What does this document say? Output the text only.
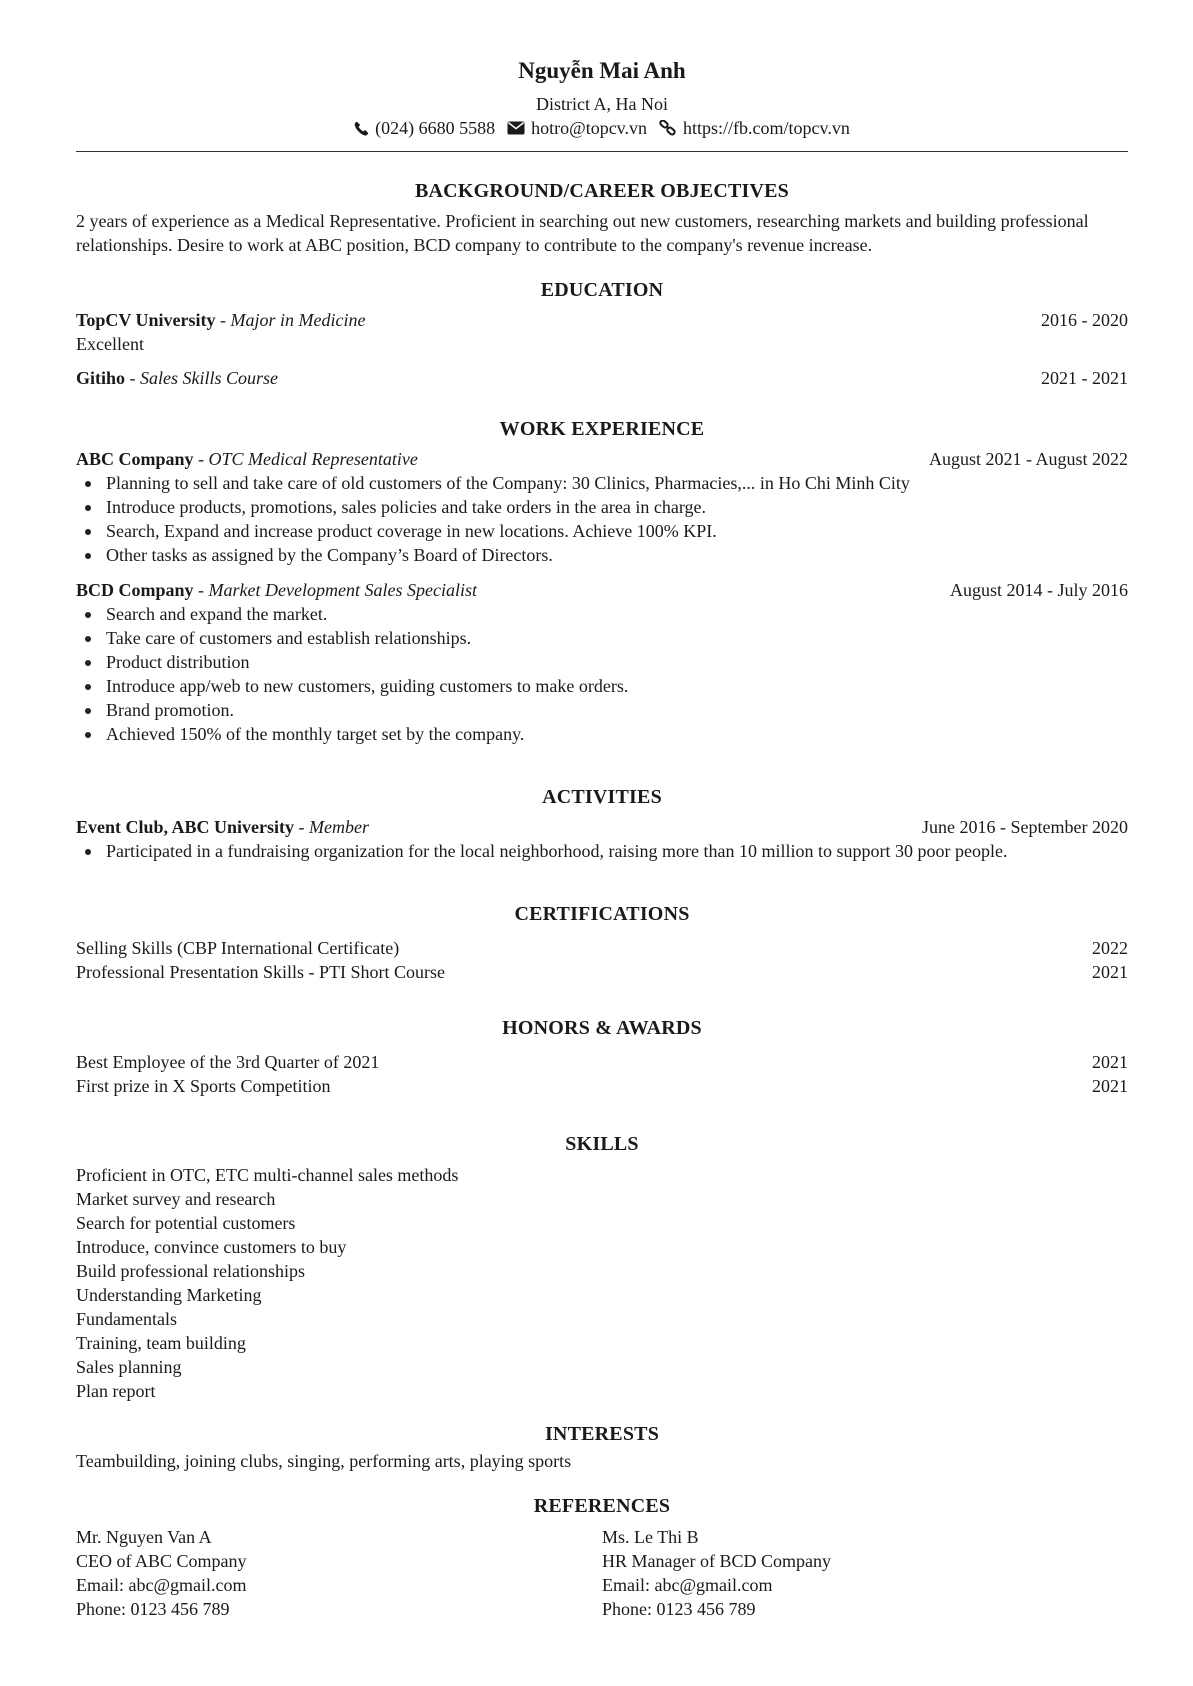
Nguyễn Mai Anh
District A, Ha Noi
(024) 6680 5588 hotro@topcv.vn https://fb.com/topcv.vn
BACKGROUND/CAREER OBJECTIVES
2 years of experience as a Medical Representative. Proficient in searching out new customers, researching markets and building professional relationships. Desire to work at ABC position, BCD company to contribute to the company's revenue increase.
EDUCATION
TopCV University - Major in Medicine	2016 - 2020
Excellent
Gitiho - Sales Skills Course	2021 - 2021
WORK EXPERIENCE
ABC Company - OTC Medical Representative	August 2021 - August 2022
Planning to sell and take care of old customers of the Company: 30 Clinics, Pharmacies,... in Ho Chi Minh City
Introduce products, promotions, sales policies and take orders in the area in charge.
Search, Expand and increase product coverage in new locations. Achieve 100% KPI.
Other tasks as assigned by the Company’s Board of Directors.
BCD Company - Market Development Sales Specialist	August 2014 - July 2016
Search and expand the market.
Take care of customers and establish relationships.
Product distribution
Introduce app/web to new customers, guiding customers to make orders.
Brand promotion.
Achieved 150% of the monthly target set by the company.
ACTIVITIES
Event Club, ABC University - Member	June 2016 - September 2020
Participated in a fundraising organization for the local neighborhood, raising more than 10 million to support 30 poor people.
CERTIFICATIONS
Selling Skills (CBP International Certificate)	2022
Professional Presentation Skills - PTI Short Course	2021
HONORS & AWARDS
Best Employee of the 3rd Quarter of 2021	2021
First prize in X Sports Competition	2021
SKILLS
Proficient in OTC, ETC multi-channel sales methods
Market survey and research
Search for potential customers
Introduce, convince customers to buy
Build professional relationships
Understanding Marketing
Fundamentals
Training, team building
Sales planning
Plan report
INTERESTS
Teambuilding, joining clubs, singing, performing arts, playing sports
REFERENCES
Mr. Nguyen Van A
CEO of ABC Company
Email: abc@gmail.com
Phone: 0123 456 789
Ms. Le Thi B
HR Manager of BCD Company
Email: abc@gmail.com
Phone: 0123 456 789
